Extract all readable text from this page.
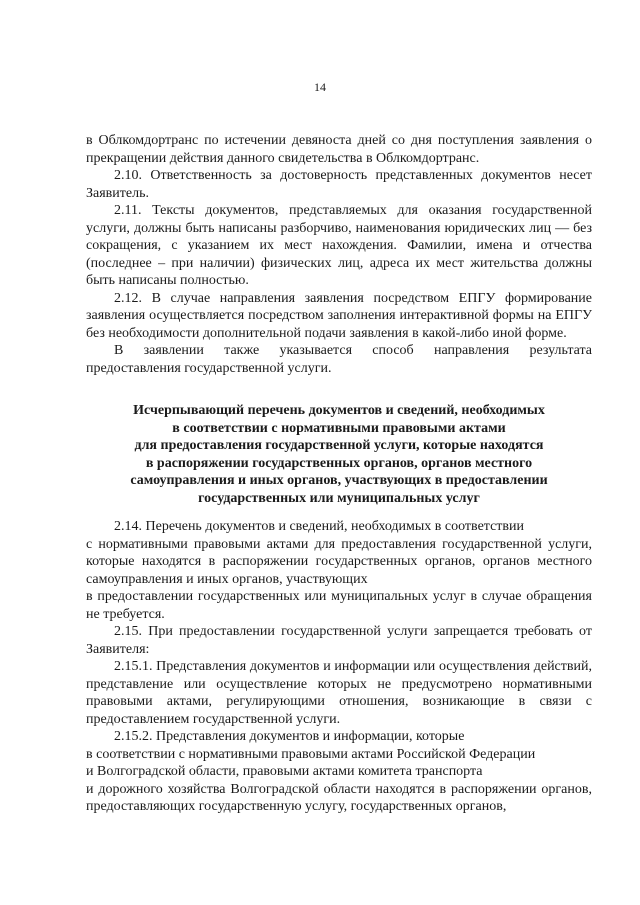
14

в Облкомдортранс по истечении девяноста дней со дня поступления заявления о прекращении действия данного свидетельства в Облкомдортранс.

2.10. Ответственность за достоверность представленных документов несет Заявитель.

2.11. Тексты документов, представляемых для оказания государственной услуги, должны быть написаны разборчиво, наименования юридических лиц — без сокращения, с указанием их мест нахождения. Фамилии, имена и отчества (последнее – при наличии) физических лиц, адреса их мест жительства должны быть написаны полностью.

2.12. В случае направления заявления посредством ЕПГУ формирование заявления осуществляется посредством заполнения интерактивной формы на ЕПГУ без необходимости дополнительной подачи заявления в какой-либо иной форме.

В заявлении также указывается способ направления результата

предоставления государственной услуги.

Исчерпывающий перечень документов и сведений, необходимых
в соответствии с нормативными правовыми актами
для предоставления государственной услуги, которые находятся
в распоряжении государственных органов, органов местного
самоуправления и иных органов, участвующих в предоставлении
государственных или муниципальных услуг

2.14. Перечень документов и сведений, необходимых в соответствии

с нормативными правовыми актами для предоставления государственной услуги, которые находятся в распоряжении государственных органов, органов местного самоуправления и иных органов, участвующих

в предоставлении государственных или муниципальных услуг в случае обращения не требуется.

2.15. При предоставлении государственной услуги запрещается требовать от Заявителя:

2.15.1. Представления документов и информации или осуществления действий, представление или осуществление которых не предусмотрено нормативными правовыми актами, регулирующими отношения, возникающие в связи с предоставлением государственной услуги.

2.15.2. Представления документов и информации, которые

в соответствии с нормативными правовыми актами Российской Федерации

и Волгоградской области, правовыми актами комитета транспорта

и дорожного хозяйства Волгоградской области находятся в распоряжении органов, предоставляющих государственную услугу, государственных органов,
